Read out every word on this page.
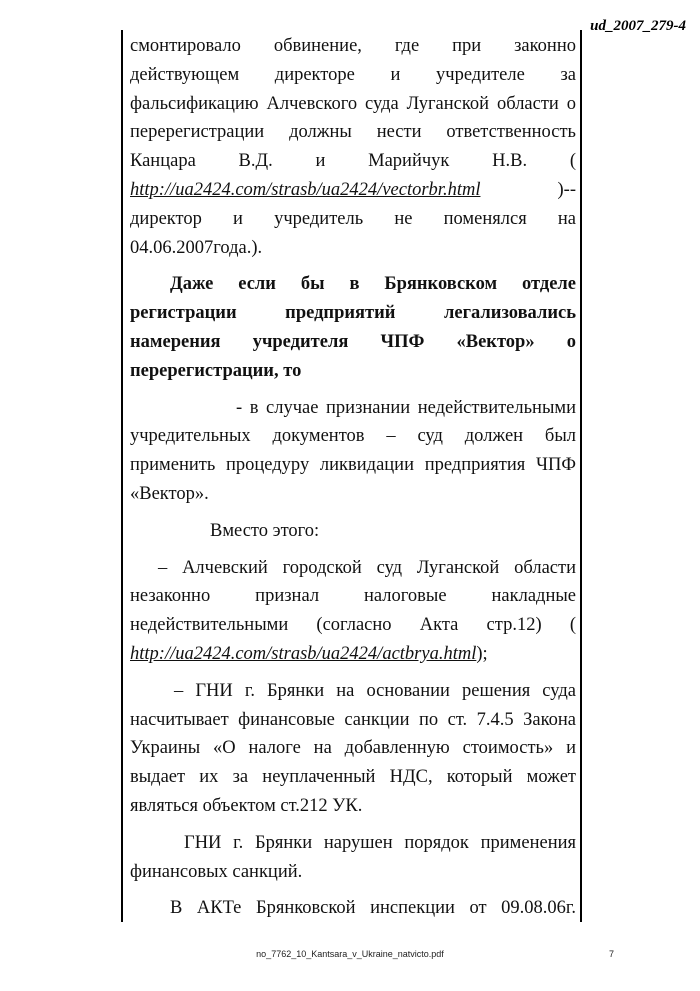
ud_2007_279-4
смонтировало обвинение, где при законно
действующем директоре и учредителе за
фальсификацию Алчевского суда Луганской области о
перерегистрации должны нести ответственность
Канцара В.Д. и Марийчук Н.В. (
http://ua2424.com/strasb/ua2424/vectorbr.html	)--
директор и учредитель не поменялся на
04.06.2007года.).
Даже если бы в Брянковском отделе
регистрации предприятий легализовались
намерения учредителя ЧПФ «Вектор» о
перерегистрации, то
- в случае признании недействительными
учредительных документов – суд должен был
применить процедуру ликвидации предприятия ЧПФ
«Вектор».
Вместо этого:
– Алчевский городской суд Луганской области
незаконно признал налоговые накладные
недействительными (согласно Акта стр.12) (
http://ua2424.com/strasb/ua2424/actbrya.html);
– ГНИ г. Брянки на основании решения суда
насчитывает финансовые санкции по ст. 7.4.5 Закона
Украины «О налоге на добавленную стоимость» и
выдает их за неуплаченный НДС, который может
являться объектом ст.212 УК.
ГНИ г. Брянки нарушен порядок применения
финансовых санкций.
В АКТе Брянковской инспекции от 09.08.06г.
no_7762_10_Kantsara_v_Ukraine_natvicto.pdf	7
